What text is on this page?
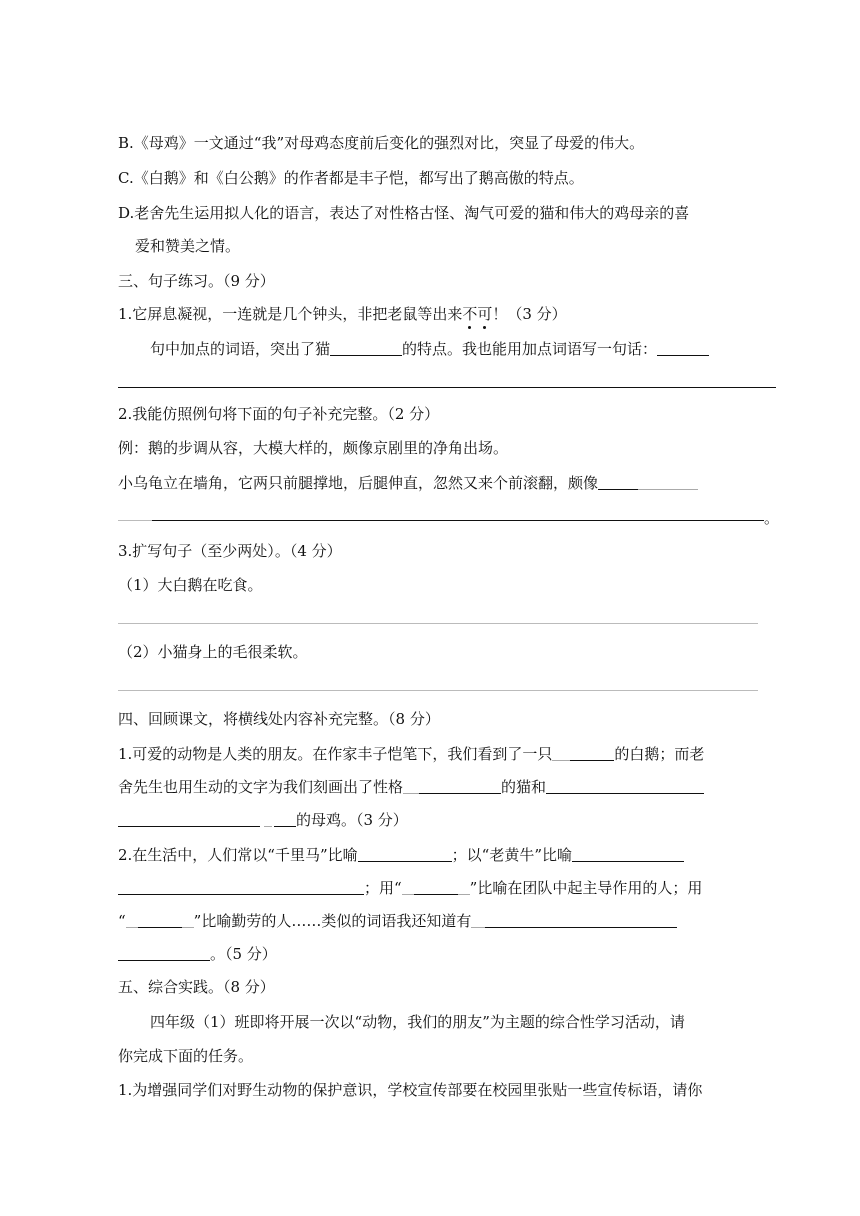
B.《母鸡》一文通过“我”对母鸡态度前后变化的强烈对比，突显了母爱的伟大。
C.《白鹅》和《白公鹅》的作者都是丰子恺，都写出了鹅高傲的特点。
D.老舍先生运用拟人化的语言，表达了对性格古怪、淘气可爱的猫和伟大的鸡母亲的喜
爱和赞美之情。
三、句子练习。（9 分）
1.它屏息凝视，一连就是几个钟头，非把老鼠等出来不可！（3 分）
句中加点的词语，突出了猫	的特点。我也能用加点词语写一句话：
2.我能仿照例句将下面的句子补充完整。（2 分）
例：鹅的步调从容，大模大样的，颇像京剧里的净角出场。
小乌龟立在墙角，它两只前腿撑地，后腿伸直，忽然又来个前滚翻，颇像
。
3.扩写句子（至少两处）。（4 分）
（1）大白鹅在吃食。
（2）小猫身上的毛很柔软。
四、回顾课文，将横线处内容补充完整。（8 分）
1.可爱的动物是人类的朋友。在作家丰子恺笔下，我们看到了一只	的白鹅；而老
舍先生也用生动的文字为我们刻画出了性格	的猫和
的母鸡。（3 分）
2.在生活中，人们常以“千里马”比喻	；以“老黄牛”比喻
；用“	”比喻在团队中起主导作用的人；用
“	”比喻勤劳的人……类似的词语我还知道有
。（5 分）
五、综合实践。（8 分）
四年级（1）班即将开展一次以“动物，我们的朋友”为主题的综合性学习活动，请
你完成下面的任务。
1.为增强同学们对野生动物的保护意识，学校宣传部要在校园里张贴一些宣传标语，请你
